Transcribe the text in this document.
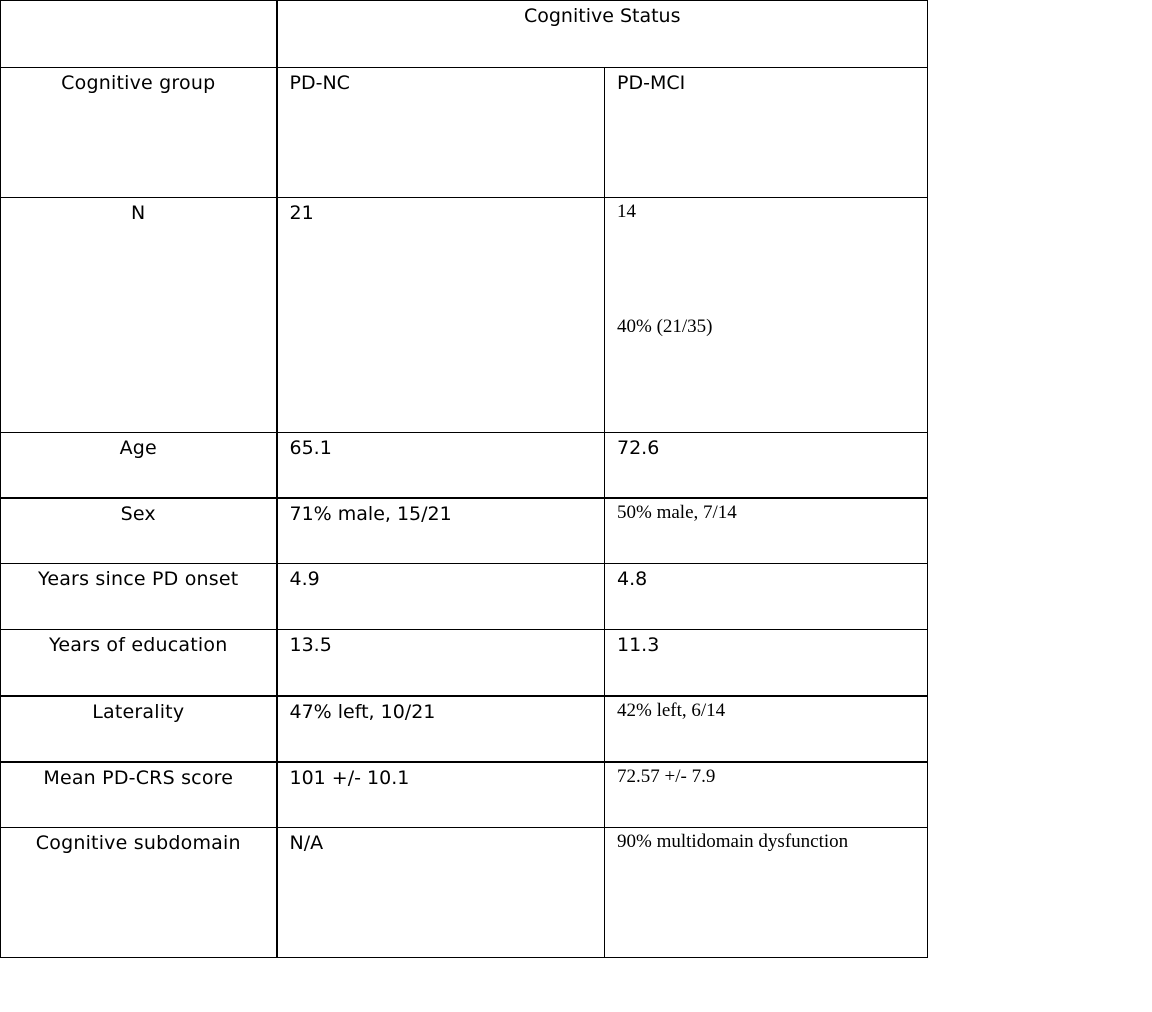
	Cognitive Status	
Cognitive group	PD-NC	PD-MCI
N	21	14
40% (21/35)

Age	65.1	72.6
Sex	71% male, 15/21	50% male, 7/14
Years since PD onset	4.9	4.8
Years of education	13.5	11.3
Laterality	47% left, 10/21	42% left, 6/14
Mean PD-CRS score	101 +/- 10.1	72.57 +/- 7.9
Cognitive subdomain	N/A	90% multidomain dysfunction
